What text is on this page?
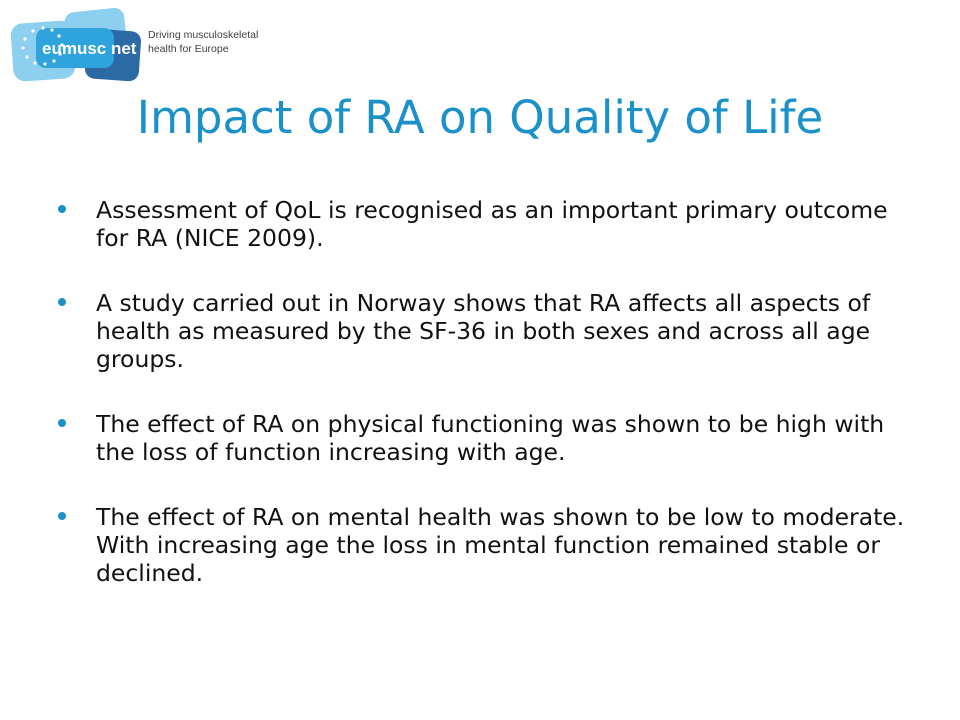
eumusc net
Driving musculoskeletal
health for Europe
Impact of RA on Quality of Life
Assessment of QoL is recognised as an important primary outcome for RA (NICE 2009).
A study carried out in Norway shows that RA affects all aspects of health as measured by the SF-36 in both sexes and across all age groups.
The effect of RA on physical functioning was shown to be high with the loss of function increasing with age.
The effect of RA on mental health was shown to be low to moderate. With increasing age the loss in mental function remained stable or declined.
